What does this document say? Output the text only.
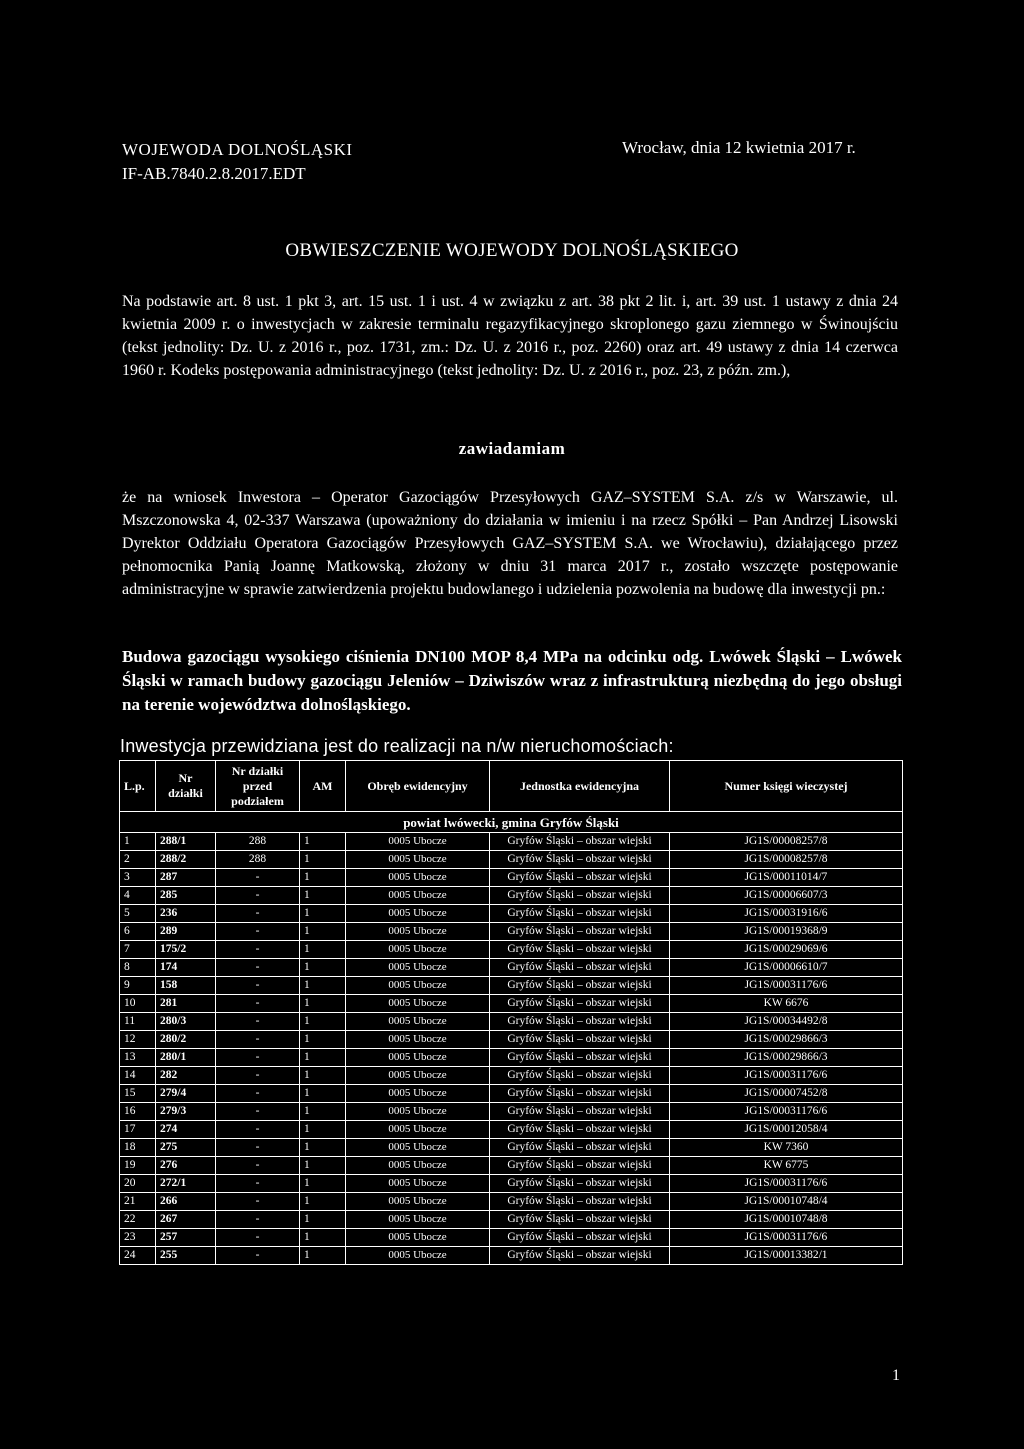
WOJEWODA DOLNOŚLĄSKI
IF-AB.7840.2.8.2017.EDT
Wrocław, dnia 12 kwietnia 2017 r.
OBWIESZCZENIE WOJEWODY DOLNOŚLĄSKIEGO
Na podstawie art. 8 ust. 1 pkt 3, art. 15 ust. 1 i ust. 4 w związku z art. 38 pkt 2 lit. i, art. 39 ust. 1 ustawy z dnia 24 kwietnia 2009 r. o inwestycjach w zakresie terminalu regazyfikacyjnego skroplonego gazu ziemnego w Świnoujściu (tekst jednolity: Dz. U. z 2016 r., poz. 1731, zm.: Dz. U. z 2016 r., poz. 2260) oraz art. 49 ustawy z dnia 14 czerwca 1960 r. Kodeks postępowania administracyjnego (tekst jednolity: Dz. U. z 2016 r., poz. 23, z późn. zm.),
zawiadamiam
że na wniosek Inwestora – Operator Gazociągów Przesyłowych GAZ–SYSTEM S.A. z/s w Warszawie, ul. Mszczonowska 4, 02-337 Warszawa (upoważniony do działania w imieniu i na rzecz Spółki – Pan Andrzej Lisowski Dyrektor Oddziału Operatora Gazociągów Przesyłowych GAZ–SYSTEM S.A. we Wrocławiu), działającego przez pełnomocnika Panią Joannę Matkowską, złożony w dniu 31 marca 2017 r., zostało wszczęte postępowanie administracyjne w sprawie zatwierdzenia projektu budowlanego i udzielenia pozwolenia na budowę dla inwestycji pn.:
Budowa gazociągu wysokiego ciśnienia DN100 MOP 8,4 MPa na odcinku odg. Lwówek Śląski – Lwówek Śląski w ramach budowy gazociągu Jeleniów – Dziwiszów wraz z infrastrukturą niezbędną do jego obsługi na terenie województwa dolnośląskiego.
Inwestycja przewidziana jest do realizacji na n/w nieruchomościach:
L.p.	Nr działki	Nr działki przed podziałem	AM	Obręb ewidencyjny	Jednostka ewidencyjna	Numer księgi wieczystej
powiat lwówecki, gmina Gryfów Śląski						
1	288/1	288	1	0005 Ubocze	Gryfów Śląski – obszar wiejski	JG1S/00008257/8
2	288/2	288	1	0005 Ubocze	Gryfów Śląski – obszar wiejski	JG1S/00008257/8
3	287	-	1	0005 Ubocze	Gryfów Śląski – obszar wiejski	JG1S/00011014/7
4	285	-	1	0005 Ubocze	Gryfów Śląski – obszar wiejski	JG1S/00006607/3
5	236	-	1	0005 Ubocze	Gryfów Śląski – obszar wiejski	JG1S/00031916/6
6	289	-	1	0005 Ubocze	Gryfów Śląski – obszar wiejski	JG1S/00019368/9
7	175/2	-	1	0005 Ubocze	Gryfów Śląski – obszar wiejski	JG1S/00029069/6
8	174	-	1	0005 Ubocze	Gryfów Śląski – obszar wiejski	JG1S/00006610/7
9	158	-	1	0005 Ubocze	Gryfów Śląski – obszar wiejski	JG1S/00031176/6
10	281	-	1	0005 Ubocze	Gryfów Śląski – obszar wiejski	KW 6676
11	280/3	-	1	0005 Ubocze	Gryfów Śląski – obszar wiejski	JG1S/00034492/8
12	280/2	-	1	0005 Ubocze	Gryfów Śląski – obszar wiejski	JG1S/00029866/3
13	280/1	-	1	0005 Ubocze	Gryfów Śląski – obszar wiejski	JG1S/00029866/3
14	282	-	1	0005 Ubocze	Gryfów Śląski – obszar wiejski	JG1S/00031176/6
15	279/4	-	1	0005 Ubocze	Gryfów Śląski – obszar wiejski	JG1S/00007452/8
16	279/3	-	1	0005 Ubocze	Gryfów Śląski – obszar wiejski	JG1S/00031176/6
17	274	-	1	0005 Ubocze	Gryfów Śląski – obszar wiejski	JG1S/00012058/4
18	275	-	1	0005 Ubocze	Gryfów Śląski – obszar wiejski	KW 7360
19	276	-	1	0005 Ubocze	Gryfów Śląski – obszar wiejski	KW 6775
20	272/1	-	1	0005 Ubocze	Gryfów Śląski – obszar wiejski	JG1S/00031176/6
21	266	-	1	0005 Ubocze	Gryfów Śląski – obszar wiejski	JG1S/00010748/4
22	267	-	1	0005 Ubocze	Gryfów Śląski – obszar wiejski	JG1S/00010748/8
23	257	-	1	0005 Ubocze	Gryfów Śląski – obszar wiejski	JG1S/00031176/6
24	255	-	1	0005 Ubocze	Gryfów Śląski – obszar wiejski	JG1S/00013382/1
1
